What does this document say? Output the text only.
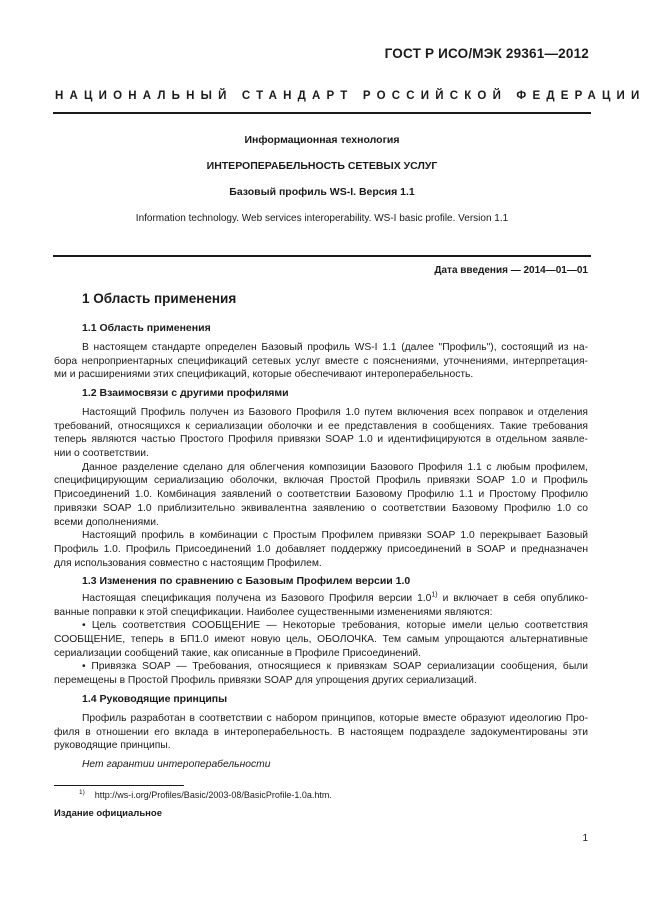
ГОСТ Р ИСО/МЭК 29361—2012
НАЦИОНАЛЬНЫЙ СТАНДАРТ РОССИЙСКОЙ ФЕДЕРАЦИИ
Информационная технология
ИНТЕРОПЕРАБЕЛЬНОСТЬ СЕТЕВЫХ УСЛУГ
Базовый профиль WS-I. Версия 1.1
Information technology. Web services interoperability. WS-I basic profile. Version 1.1
Дата введения — 2014—01—01
1 Область применения
1.1 Область применения
В настоящем стандарте определен Базовый профиль WS-I 1.1 (далее "Профиль"), состоящий из на-
бора непроприентарных спецификаций сетевых услуг вместе с пояснениями, уточнениями, интерпретация-
ми и расширениями этих спецификаций, которые обеспечивают интероперабельность.
1.2 Взаимосвязи с другими профилями
Настоящий Профиль получен из Базового Профиля 1.0 путем включения всех поправок и отделения
требований, относящихся к сериализации оболочки и ее представления в сообщениях. Такие требования
теперь являются частью Простого Профиля привязки SOAP 1.0 и идентифицируются в отдельном заявле-
нии о соответствии.
Данное разделение сделано для облегчения композиции Базового Профиля 1.1 с любым профилем,
специфицирующим сериализацию оболочки, включая Простой Профиль привязки SOAP 1.0 и Профиль
Присоединений 1.0. Комбинация заявлений о соответствии Базовому Профилю 1.1 и Простому Профилю
привязки SOAP 1.0 приблизительно эквивалентна заявлению о соответствии Базовому Профилю 1.0 со
всеми дополнениями.
Настоящий профиль в комбинации с Простым Профилем привязки SOAP 1.0 перекрывает Базовый
Профиль 1.0. Профиль Присоединений 1.0 добавляет поддержку присоединений в SOAP и предназначен
для использования совместно с настоящим Профилем.
1.3 Изменения по сравнению с Базовым Профилем версии 1.0
Настоящая спецификация получена из Базового Профиля версии 1.0$^{1)}$ и включает в себя опублико-
ванные поправки к этой спецификации. Наиболее существенными изменениями являются:
• Цель соответствия СООБЩЕНИЕ — Некоторые требования, которые имели целью соответствия
СООБЩЕНИЕ, теперь в БП1.0 имеют новую цель, ОБОЛОЧКА. Тем самым упрощаются альтернативные
сериализации сообщений такие, как описанные в Профиле Присоединений.
• Привязка SOAP — Требования, относящиеся к привязкам SOAP сериализации сообщения, были
перемещены в Простой Профиль привязки SOAP для упрощения других сериализаций.
1.4 Руководящие принципы
Профиль разработан в соответствии с набором принципов, которые вместе образуют идеологию Про-
филя в отношении его вклада в интероперабельность. В настоящем подразделе задокументированы эти
руководящие принципы.
Нет гарантии интероперабельности
$^{1)}$ http://ws-i.org/Profiles/Basic/2003-08/BasicProfile-1.0a.htm.
Издание официальное
1
